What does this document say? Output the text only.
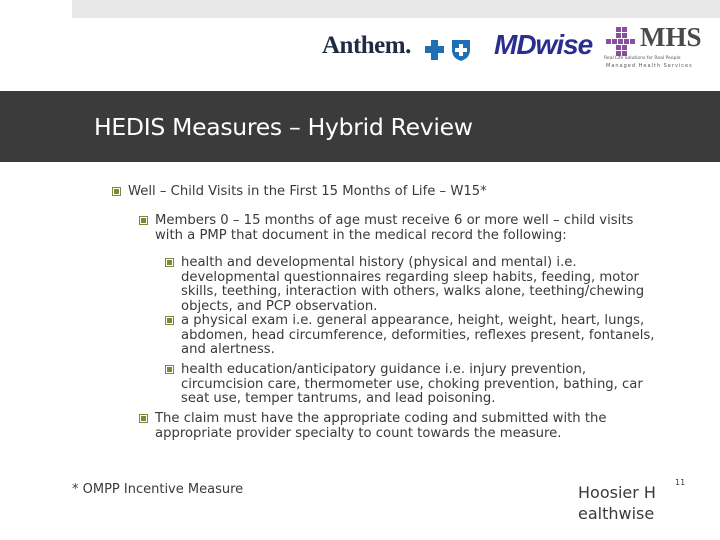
Anthem.	MDwise MHS
Real Life Solutions for Real People
Managed Health Services
HEDIS Measures – Hybrid Review
Well – Child Visits in the First 15 Months of Life – W15*
Members 0 – 15 months of age must receive 6 or more well – child visits with a PMP that document in the medical record the following:
health and developmental history (physical and mental) i.e. developmental questionnaires regarding sleep habits, feeding, motor skills, teething, interaction with others, walks alone, teething/chewing objects, and PCP observation.
a physical exam i.e. general appearance, height, weight, heart, lungs, abdomen, head circumference, deformities, reflexes present, fontanels, and alertness.
health education/anticipatory guidance i.e. injury prevention, circumcision care, thermometer use, choking prevention, bathing, car seat use, temper tantrums, and lead poisoning.
The claim must have the appropriate coding and submitted with the appropriate provider specialty to count towards the measure.
* OMPP Incentive Measure	Hoosier Healthwise
11
